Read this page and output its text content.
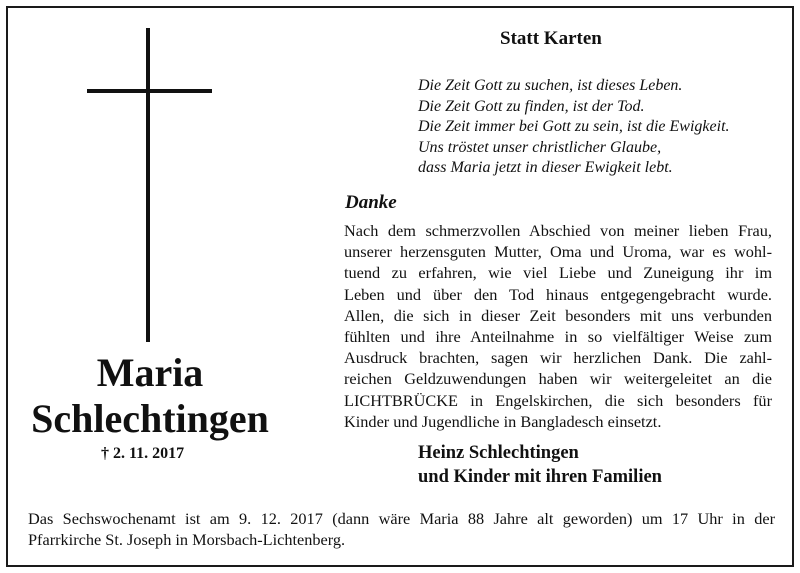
Maria
Schlechtingen
† 2. 11. 2017
Statt Karten
Die Zeit Gott zu suchen, ist dieses Leben.
Die Zeit Gott zu finden, ist der Tod.
Die Zeit immer bei Gott zu sein, ist die Ewigkeit.
Uns tröstet unser christlicher Glaube,
dass Maria jetzt in dieser Ewigkeit lebt.
Danke
Nach dem schmerzvollen Abschied von meiner lieben Frau,
unserer herzensguten Mutter, Oma und Uroma, war es wohl-
tuend zu erfahren, wie viel Liebe und Zuneigung ihr im
Leben und über den Tod hinaus entgegengebracht wurde.
Allen, die sich in dieser Zeit besonders mit uns verbunden
fühlten und ihre Anteilnahme in so vielfältiger Weise zum
Ausdruck brachten, sagen wir herzlichen Dank. Die zahl-
reichen Geldzuwendungen haben wir weitergeleitet an die
LICHTBRÜCKE in Engelskirchen, die sich besonders für
Kinder und Jugendliche in Bangladesch einsetzt.
Heinz Schlechtingen
und Kinder mit ihren Familien
Das Sechswochenamt ist am 9. 12. 2017 (dann wäre Maria 88 Jahre alt geworden) um 17 Uhr in der
Pfarrkirche St. Joseph in Morsbach-Lichtenberg.
